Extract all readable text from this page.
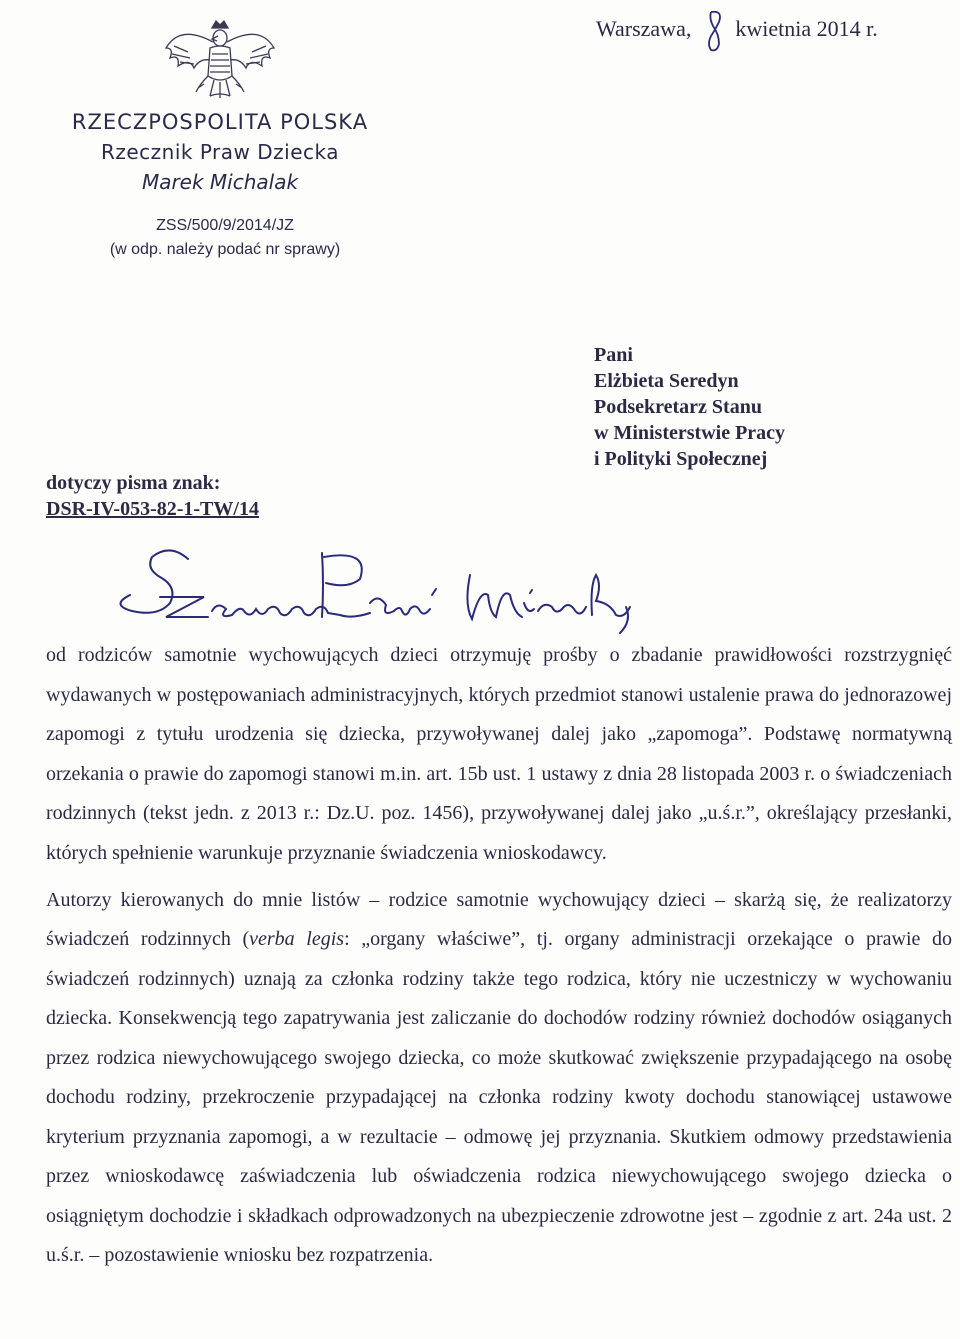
RZECZPOSPOLITA POLSKA
Rzecznik Praw Dziecka
Marek Michalak
ZSS/500/9/2014/JZ
(w odp. należy podać nr sprawy)
Warszawa, kwietnia 2014 r.
Pani
Elżbieta Seredyn
Podsekretarz Stanu
w Ministerstwie Pracy
i Polityki Społecznej
dotyczy pisma znak:
DSR-IV-053-82-1-TW/14

od rodziców samotnie wychowujących dzieci otrzymuję prośby o zbadanie prawidłowości rozstrzygnięć wydawanych w postępowaniach administracyjnych, których przedmiot stanowi ustalenie prawa do jednorazowej zapomogi z tytułu urodzenia się dziecka, przywoływanej dalej jako „zapomoga”. Podstawę normatywną orzekania o prawie do zapomogi stanowi m.in. art. 15b ust. 1 ustawy z dnia 28 listopada 2003 r. o świadczeniach rodzinnych (tekst jedn. z 2013 r.: Dz.U. poz. 1456), przywoływanej dalej jako „u.ś.r.”, określający przesłanki, których spełnienie warunkuje przyznanie świadczenia wnioskodawcy.

Autorzy kierowanych do mnie listów – rodzice samotnie wychowujący dzieci – skarżą się, że realizatorzy świadczeń rodzinnych (verba legis: „organy właściwe”, tj. organy administracji orzekające o prawie do świadczeń rodzinnych) uznają za członka rodziny także tego rodzica, który nie uczestniczy w wychowaniu dziecka. Konsekwencją tego zapatrywania jest zaliczanie do dochodów rodziny również dochodów osiąganych przez rodzica niewychowującego swojego dziecka, co może skutkować zwiększenie przypadającego na osobę dochodu rodziny, przekroczenie przypadającej na członka rodziny kwoty dochodu stanowiącej ustawowe kryterium przyznania zapomogi, a w rezultacie – odmowę jej przyznania. Skutkiem odmowy przedstawienia przez wnioskodawcę zaświadczenia lub oświadczenia rodzica niewychowującego swojego dziecka o osiągniętym dochodzie i składkach odprowadzonych na ubezpieczenie zdrowotne jest – zgodnie z art. 24a ust. 2 u.ś.r. – pozostawienie wniosku bez rozpatrzenia.
